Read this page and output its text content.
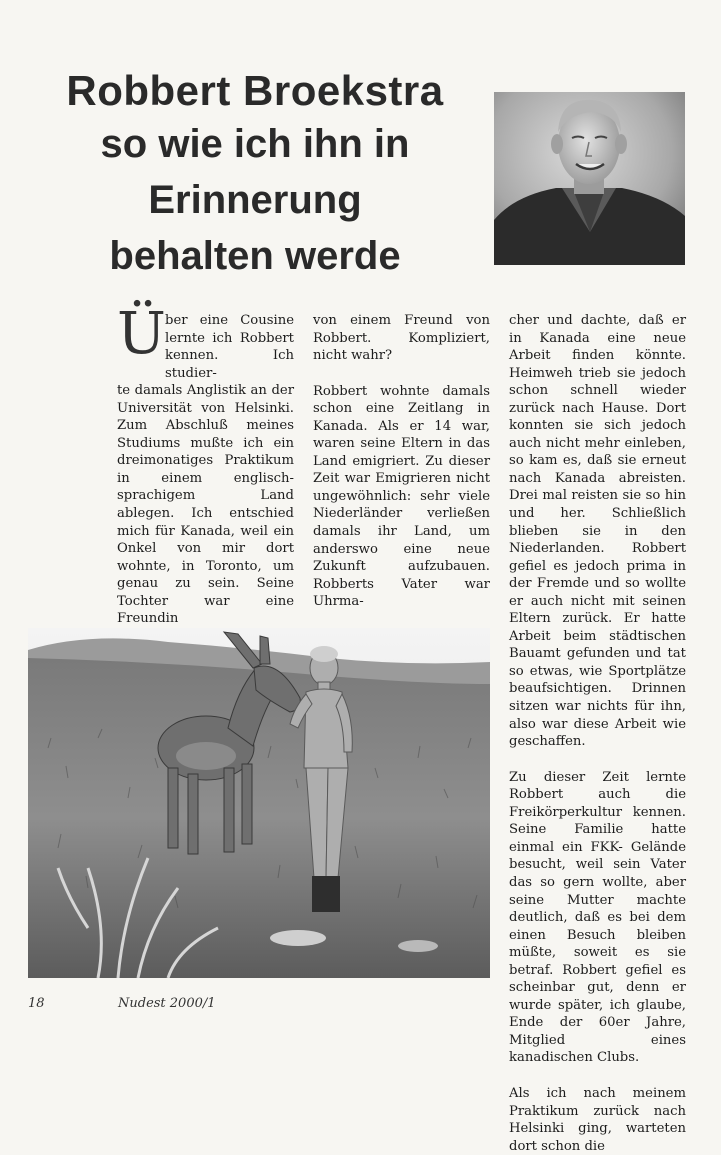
Robbert Broekstra
so wie ich ihn in
Erinnerung
behalten werde
Ü ber eine Cousine lernte ich Robbert kennen. Ich studier-

te damals Anglistik an der Universität von Helsinki. Zum Abschluß meines Studiums mußte ich ein dreimonatiges Praktikum in einem englisch- sprachigem Land ablegen. Ich entschied mich für Kanada, weil ein Onkel von mir dort wohnte, in Toronto, um genau zu sein. Seine Tochter war eine Freundin

von einem Freund von Robbert. Kompliziert, nicht wahr?

Robbert wohnte damals schon eine Zeitlang in Kanada. Als er 14 war, waren seine Eltern in das Land emigriert. Zu dieser Zeit war Emigrieren nicht ungewöhnlich: sehr viele Niederländer verließen damals ihr Land, um anderswo eine neue Zukunft aufzubauen. Robberts Vater war Uhrma-

cher und dachte, daß er in Kanada eine neue Arbeit finden könnte. Heimweh trieb sie jedoch schon schnell wieder zurück nach Hause. Dort konnten sie sich jedoch auch nicht mehr einleben, so kam es, daß sie erneut nach Kanada abreisten. Drei mal reisten sie so hin und her. Schließlich blieben sie in den Niederlanden. Robbert gefiel es jedoch prima in der Fremde und so wollte er auch nicht mit seinen Eltern zurück. Er hatte Arbeit beim städtischen Bauamt gefunden und tat so etwas, wie Sportplätze beaufsichtigen. Drinnen sitzen war nichts für ihn, also war diese Arbeit wie geschaffen.

Zu dieser Zeit lernte Robbert auch die Freikörperkultur kennen. Seine Familie hatte einmal ein FKK- Gelände besucht, weil sein Vater das so gern wollte, aber seine Mutter machte deutlich, daß es bei dem einen Besuch bleiben müßte, soweit es sie betraf. Robbert gefiel es scheinbar gut, denn er wurde später, ich glaube, Ende der 60er Jahre, Mitglied eines kanadischen Clubs.

Als ich nach meinem Praktikum zurück nach Helsinki ging, warteten dort schon die

18	Nudest 2000/1
